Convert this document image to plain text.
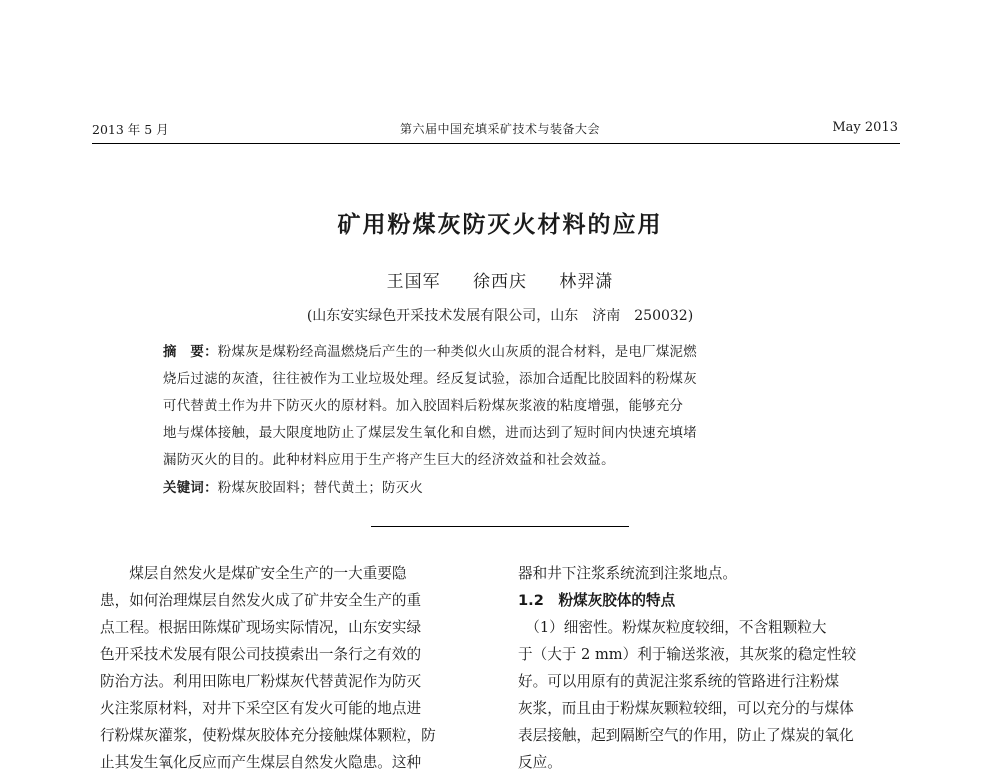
2013 年 5 月	第六届中国充填采矿技术与装备大会	May 2013
矿用粉煤灰防灭火材料的应用
王国军 徐西庆 林羿潇
(山东安实绿色开采技术发展有限公司，山东　济南　250032)
摘　要：粉煤灰是煤粉经高温燃烧后产生的一种类似火山灰质的混合材料，是电厂煤泥燃
烧后过滤的灰渣，往往被作为工业垃圾处理。经反复试验，添加合适配比胶固料的粉煤灰
可代替黄土作为井下防灭火的原材料。加入胶固料后粉煤灰浆液的粘度增强，能够充分
地与煤体接触，最大限度地防止了煤层发生氧化和自燃，进而达到了短时间内快速充填堵
漏防灭火的目的。此种材料应用于生产将产生巨大的经济效益和社会效益。
关键词：粉煤灰胶固料；替代黄土；防灭火
　　煤层自然发火是煤矿安全生产的一大重要隐
患，如何治理煤层自然发火成了矿井安全生产的重
点工程。根据田陈煤矿现场实际情况，山东安实绿
色开采技术发展有限公司技摸索出一条行之有效的
防治方法。利用田陈电厂粉煤灰代替黄泥作为防灭
火注浆原材料，对井下采空区有发火可能的地点进
行粉煤灰灌浆，使粉煤灰胶体充分接触煤体颗粒，防
止其发生氧化反应而产生煤层自然发火隐患。这种
器和井下注浆系统流到注浆地点。
1.2　粉煤灰胶体的特点
　（1）细密性。粉煤灰粒度较细，不含粗颗粒大
于（大于 2 mm）利于输送浆液，其灰浆的稳定性较
好。可以用原有的黄泥注浆系统的管路进行注粉煤
灰浆，而且由于粉煤灰颗粒较细，可以充分的与煤体
表层接触，起到隔断空气的作用，防止了煤炭的氧化
反应。
